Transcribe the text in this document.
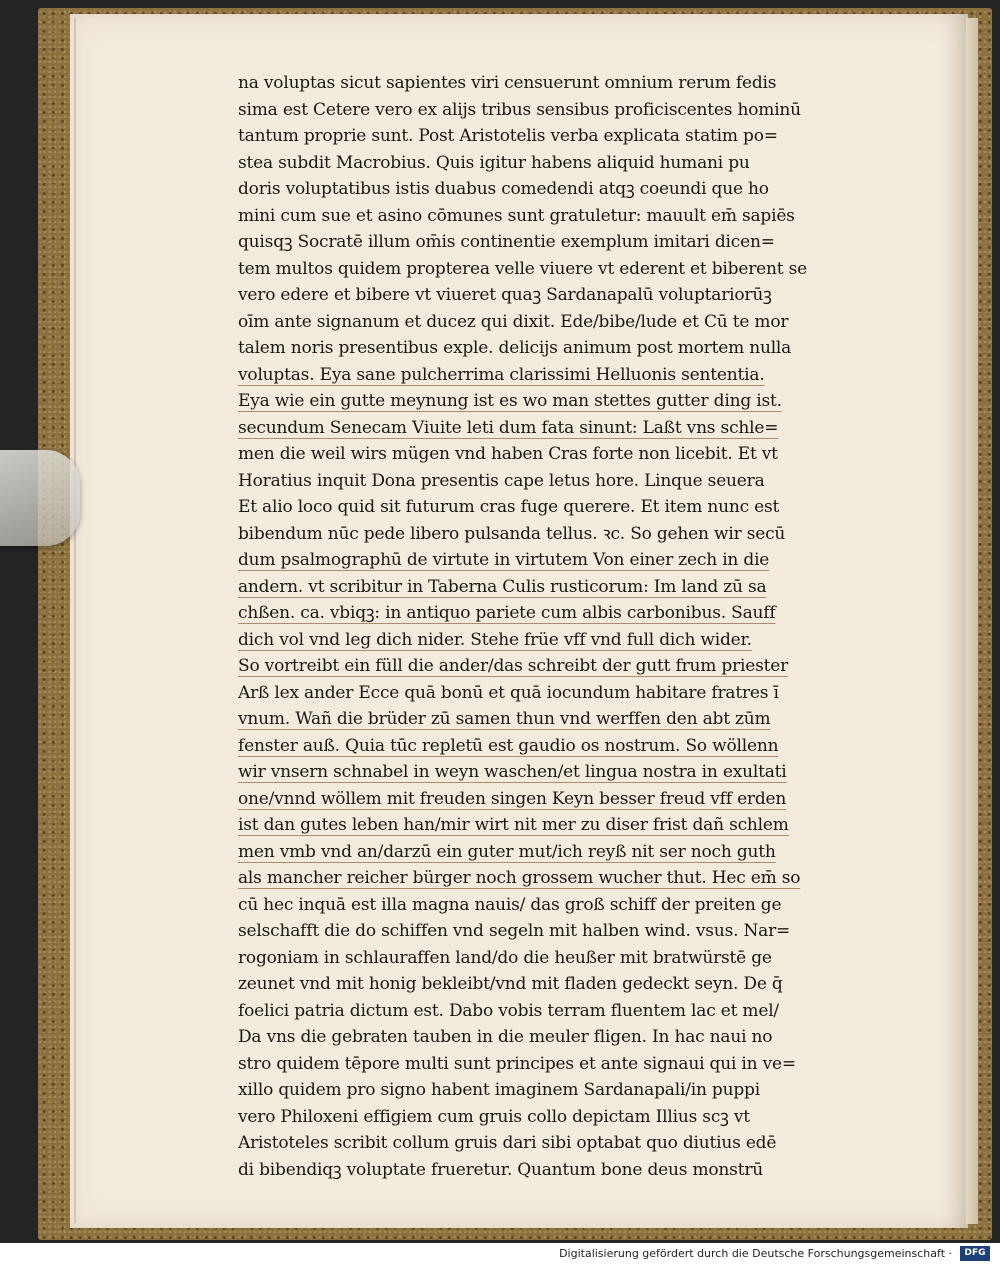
na voluptas sicut sapientes viri censuerunt omnium rerum fedis
sima est Cetere vero ex alijs tribus sensibus proficiscentes hominū
tantum proprie sunt. Post Aristotelis verba explicata statim po=
stea subdit Macrobius. Quis igitur habens aliquid humani pu
doris voluptatibus istis duabus comedendi atqꝫ coeundi que ho
mini cum sue et asino cōmunes sunt gratuletur: mauult em̄ sapiēs
quisqꝫ Socratē illum om̄is continentie exemplum imitari dicen=
tem multos quidem propterea velle viuere vt ederent et biberent se
vero edere et bibere vt viueret quaꝫ Sardanapalū voluptariorūꝫ
oīm ante signanum et ducez qui dixit. Ede/bibe/lude et Cū te mor
talem noris presentibus exple. delicijs animum post mortem nulla
voluptas. Eya sane pulcherrima clarissimi Helluonis sententia.
Eya wie ein gutte meynung ist es wo man stettes gutter ding ist.
secundum Senecam Viuite leti dum fata sinunt: Laßt vns schle=
men die weil wirs mügen vnd haben Cras forte non licebit. Et vt
Horatius inquit Dona presentis cape letus hore. Linque seuera
Et alio loco quid sit futurum cras fuge querere. Et item nunc est
bibendum nūc pede libero pulsanda tellus. ꝛc. So gehen wir secū
dum psalmographū de virtute in virtutem Von einer zech in die
andern. vt scribitur in Taberna Culis rusticorum: Im land zū sa
chßen. ca. vbiqꝫ: in antiquo pariete cum albis carbonibus. Sauff
dich vol vnd leg dich nider. Stehe früe vff vnd full dich wider.
So vortreibt ein füll die ander/das schreibt der gutt frum priester
Arß lex ander Ecce quā bonū et quā iocundum habitare fratres ī
vnum. Wañ die brüder zū samen thun vnd werffen den abt zūm
fenster auß. Quia tūc repletū est gaudio os nostrum. So wöllenn
wir vnsern schnabel in weyn waschen/et lingua nostra in exultati
one/vnnd wöllem mit freuden singen Keyn besser freud vff erden
ist dan gutes leben han/mir wirt nit mer zu diser frist dañ schlem
men vmb vnd an/darzū ein guter mut/ich reyß nit ser noch guth
als mancher reicher bürger noch grossem wucher thut. Hec em̄ so
cū hec inquā est illa magna nauis/ das groß schiff der preiten ge
selschafft die do schiffen vnd segeln mit halben wind. vsus. Nar=
rogoniam in schlauraffen land/do die heußer mit bratwürstē ge
zeunet vnd mit honig bekleibt/vnd mit fladen gedeckt seyn. De q̄
foelici patria dictum est. Dabo vobis terram fluentem lac et mel/
Da vns die gebraten tauben in die meuler fligen. In hac naui no
stro quidem tēpore multi sunt principes et ante signaui qui in ve=
xillo quidem pro signo habent imaginem Sardanapali/in puppi
vero Philoxeni effigiem cum gruis collo depictam Illius scꝫ vt
Aristoteles scribit collum gruis dari sibi optabat quo diutius edē
di bibendiqꝫ voluptate frueretur. Quantum bone deus monstrū
Digitalisierung gefördert durch die Deutsche Forschungsgemeinschaft ·	DFG
